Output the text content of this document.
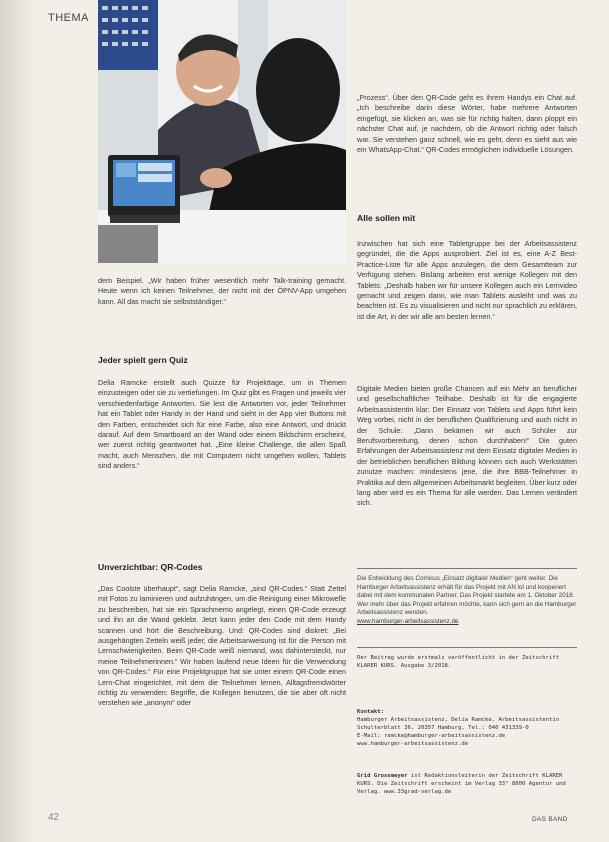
THEMA
dem Beispiel. „Wir haben früher wesentlich mehr Talk-training gemacht. Heute wenn ich keinen Teilnehmer, der nicht mit der ÖPNV-App umgehen kann. All das macht sie selbstständiger.“
Jeder spielt gern Quiz
Delia Ramcke erstellt auch Quizze für Projekttage, um in Themen einzusteigen oder sie zu vertiefungen. Im Quiz gibt es Fragen und jeweils vier verschiedenfarbige Antworten. Sie lest die Antworten vor, jeder Teilnehmer hat ein Tablet oder Handy in der Hand und sieht in der App vier Buttons mit den Farben, entscheidet sich für eine Farbe, also eine Antwort, und drückt darauf. Auf dem Smartboard an der Wand oder einem Bildschirm erscheint, wer zuerst richtig geantwortet hat. „Eine kleine Challenge, die allen Spaß macht, auch Menschen, die mit Computern nicht umgehen wollen, Tablets sind anders.“
Unverzichtbar: QR-Codes
„Das Coolste überhaupt“, sagt Delia Ramcke, „sind QR-Codes.“ Statt Zettel mit Fotos zu laminieren und aufzuhängen, um die Reinigung einer Mikrowelle zu beschreiben, hat sie ein Sprachmemo angelegt, einen QR-Code erzeugt und ihn an die Wand geklebt. Jetzt kann jeder den Code mit dem Handy scannen und hört die Beschreibung. Und: QR-Codes sind diskret: „Bei ausgehängten Zetteln weiß jeder, die Arbeitsanweisung ist für die Person mit Lernschwierigkeiten. Beim QR-Code weiß niemand, was dahintersteckt, nur meine Teilnehmerinnen.“ Wir haben laufend neue Ideen für die Verwendung von QR-Codes.“ Für eine Projektgruppe hat sie unter einem QR-Code einen Lern-Chat eingerichtet, mit dem die Teilnehmer lernen, Alltagsfremdwörter richtig zu verwenden: Begriffe, die Kollegen benutzen, die sie aber oft nicht verstehen wie „anonym“ oder
„Prozess“. Über den QR-Code geht es ihrem Handys ein Chat auf. „Ich beschreibe darin diese Wörter, habe mehrere Antworten eingefügt, sie klicken an, was sie für richtig halten, dann ploppt ein nächster Chat auf, je nachdem, ob die Antwort richtig oder falsch war. Sie verstehen ganz schnell, wie es geht, denn es sieht aus wie ein WhatsApp-Chat.“ QR-Codes ermöglichen individuelle Lösungen.
Alle sollen mit
Inzwischen hat sich eine Tabletgruppe bei der Arbeitsassistenz gegründet, die die Apps ausprobiert. Ziel ist es, eine A-Z Best-Practice-Liste für alle Apps anzulegen, die dem Gesamtteam zur Verfügung stehen. Bislang arbeiten erst wenige Kollegen mit den Tablets: „Deshalb haben wir für unsere Kollegen auch ein Lernvideo gemacht und zeigen dann, wie man Tablets ausleiht und was zu beachten ist. Es zu visualisieren und nicht nur sprachlich zu erklären, ist die Art, in der wir alle am besten lernen.“
Digitale Medien bieten große Chancen auf ein Mehr an beruflicher und gesellschaftlicher Teilhabe. Deshalb ist für die engagierte Arbeitsassistentin klar: Der Einsatz von Tablets und Apps führt kein Weg vorbei, nicht in der beruflichen Qualifizierung und auch nicht in der Schule: „Dann bekämen wir auch Schüler zur Berufsvorbereitung, denen schon durchhaben!“ Die guten Erfahrungen der Arbeitsassistenz mit dem Einsatz digitaler Medien in der betrieblichen beruflichen Bildung können sich auch Werkstätten zunutze machen: mindestens jene, die ihre BBB-Teilnehmer in Praktika auf dem allgemeinen Arbeitsmarkt begleiten. Über kurz oder lang aber wird es ein Thema für alle werden. Das Lernen verändert sich.
Die Entwicklung des Comicus „Einsatz digitaler Medien“ geht weiter. Die Hamburger Arbeitsassistenz erhält für das Projekt mit AN lol und kooperiert dabei mit dem kommunalen Partner. Das Projekt startete am 1. Oktober 2018. Wer mehr über das Projekt erfahren möchte, kann sich gern an die Hamburger Arbeitsassistenz wenden.
www.hamburger-arbeitsassistenz.de
Der Beitrag wurde erstmals veröffentlicht in der Zeitschrift KLARER KURS. Ausgabe 3/2018.
Kontakt:
Hamburger Arbeitsassistenz, Delia Ramcke, Arbeitsassistentin
Schulterblatt 36, 20357 Hamburg, Tel.: 040 431339-0
E-Mail: ramcke@hamburger-arbeitsassistenz.de
www.hamburger-arbeitsassistenz.de
Grid Grossmeyer ist Redaktionsleiterin der Zeitschrift KLARER KURS. Die Zeitschrift erscheint im Verlag 33° 8000 Agentur und Verlag. www.33grad-verlag.de
42	DAS BAND
